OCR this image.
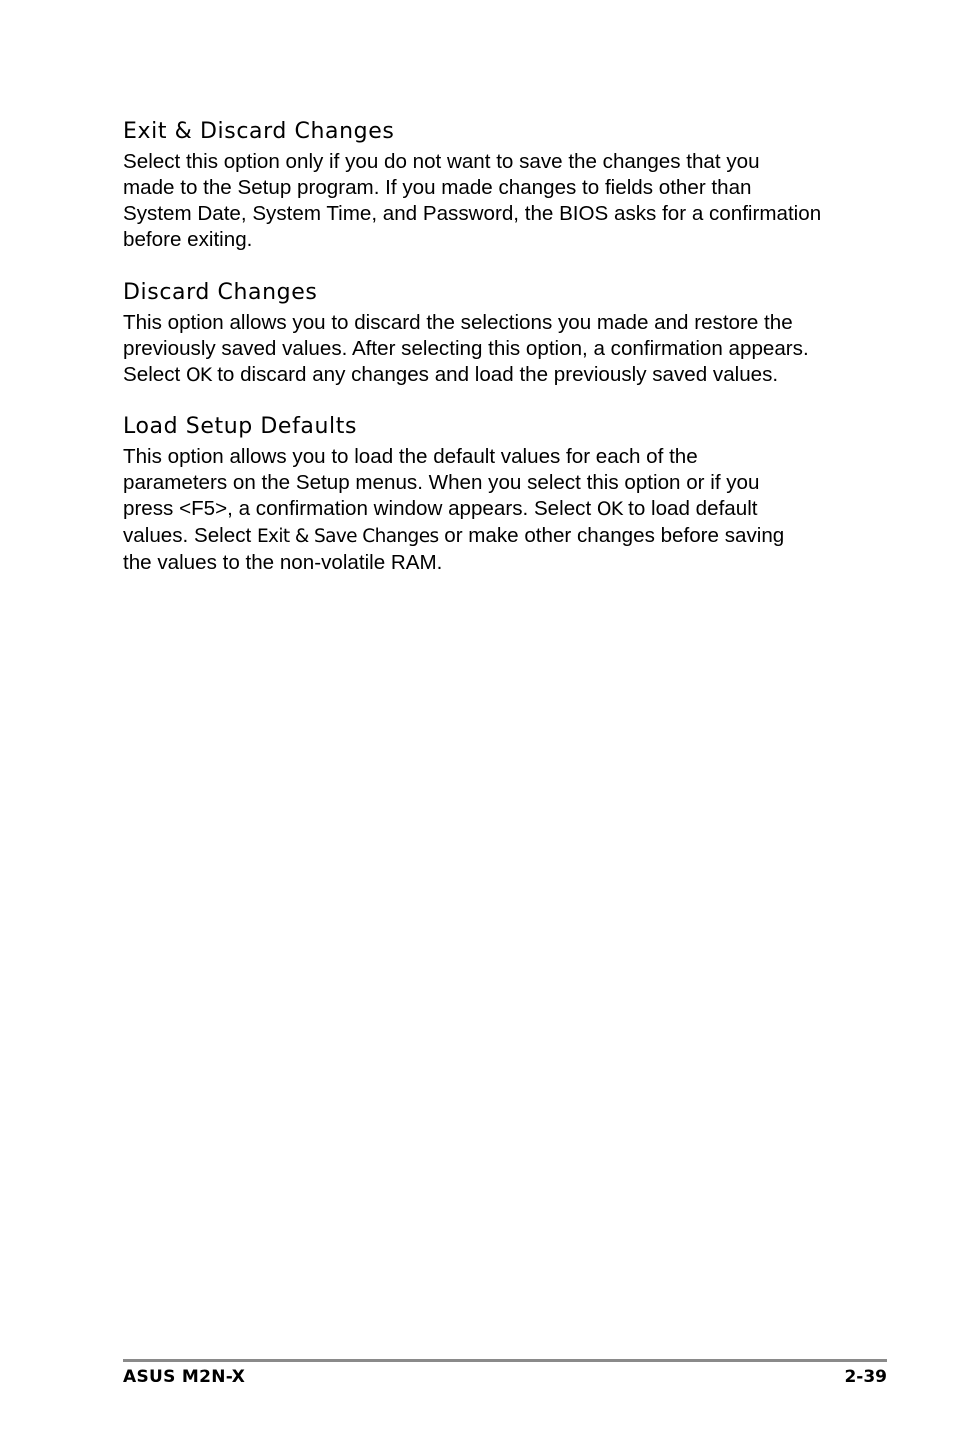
Exit & Discard Changes
Select this option only if you do not want to save the changes that you
made to the Setup program. If you made changes to fields other than
System Date, System Time, and Password, the BIOS asks for a confirmation
before exiting.
Discard Changes
This option allows you to discard the selections you made and restore the
previously saved values. After selecting this option, a confirmation appears.
Select OK to discard any changes and load the previously saved values.
Load Setup Defaults
This option allows you to load the default values for each of the
parameters on the Setup menus. When you select this option or if you
press <F5>, a confirmation window appears. Select OK to load default
values. Select Exit & Save Changes or make other changes before saving
the values to the non-volatile RAM.
ASUS M2N-X	2-39
